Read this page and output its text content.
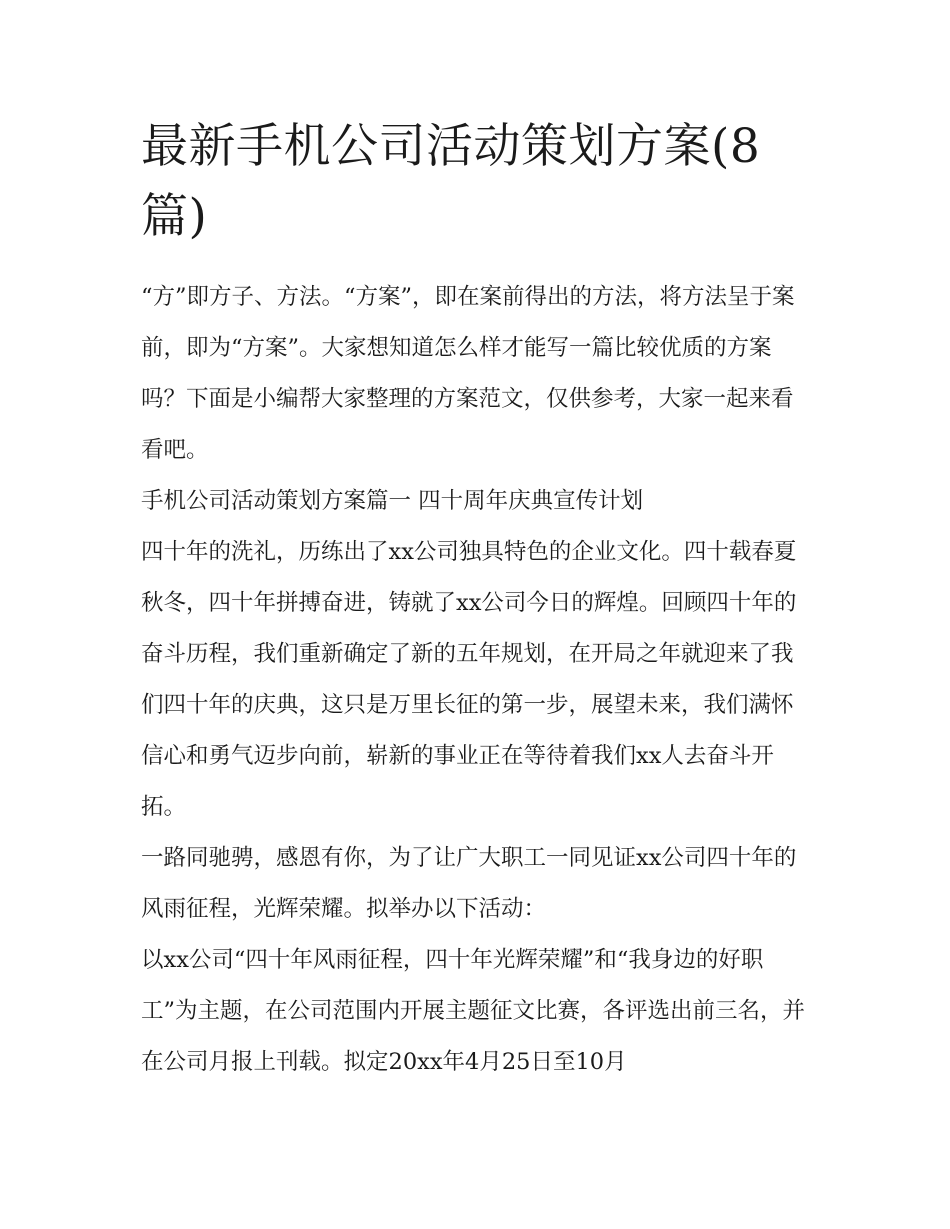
最新手机公司活动策划方案(8篇)

“方”即方子、方法。“方案”，即在案前得出的方法，将方法呈于案前，即为“方案”。大家想知道怎么样才能写一篇比较优质的方案吗？下面是小编帮大家整理的方案范文，仅供参考，大家一起来看看吧。

手机公司活动策划方案篇一 四十周年庆典宣传计划

四十年的洗礼，历练出了xx公司独具特色的企业文化。四十载春夏秋冬，四十年拼搏奋进，铸就了xx公司今日的辉煌。回顾四十年的奋斗历程，我们重新确定了新的五年规划，在开局之年就迎来了我们四十年的庆典，这只是万里长征的第一步，展望未来，我们满怀信心和勇气迈步向前，崭新的事业正在等待着我们xx人去奋斗开拓。

一路同驰骋，感恩有你，为了让广大职工一同见证xx公司四十年的风雨征程，光辉荣耀。拟举办以下活动：

以xx公司“四十年风雨征程，四十年光辉荣耀”和“我身边的好职工”为主题，在公司范围内开展主题征文比赛，各评选出前三名，并在公司月报上刊载。拟定20xx年4月25日至10月
